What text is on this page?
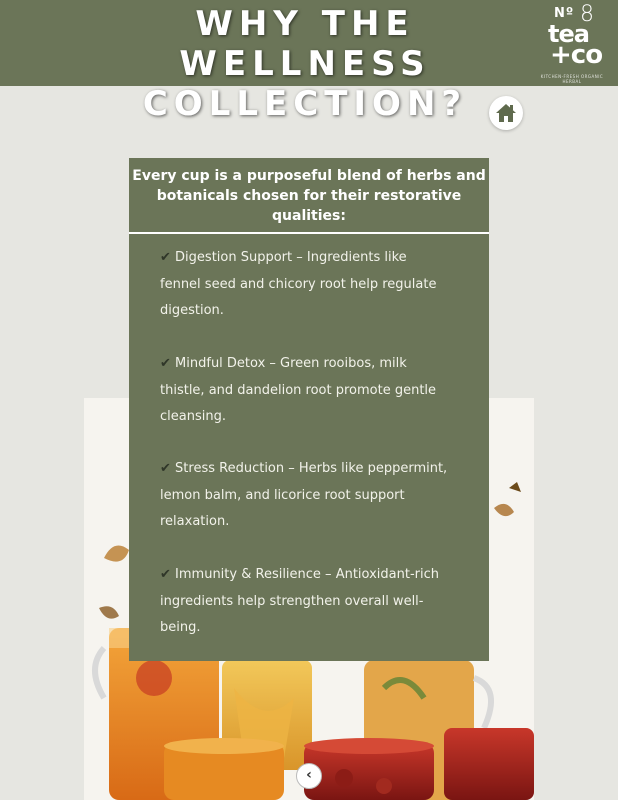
WHY THE WELLNESS
COLLECTION?
Nº 8
tea
+co
KITCHEN-FRESH ORGANIC HERBAL
Every cup is a purposeful blend of herbs and
botanicals chosen for their restorative
qualities:
✔ Digestion Support – Ingredients like
fennel seed and chicory root help regulate
digestion.
✔ Mindful Detox – Green rooibos, milk
thistle, and dandelion root promote gentle
cleansing.
✔ Stress Reduction – Herbs like peppermint,
lemon balm, and licorice root support
relaxation.
✔ Immunity & Resilience – Antioxidant-rich
ingredients help strengthen overall well-
being.
‹
